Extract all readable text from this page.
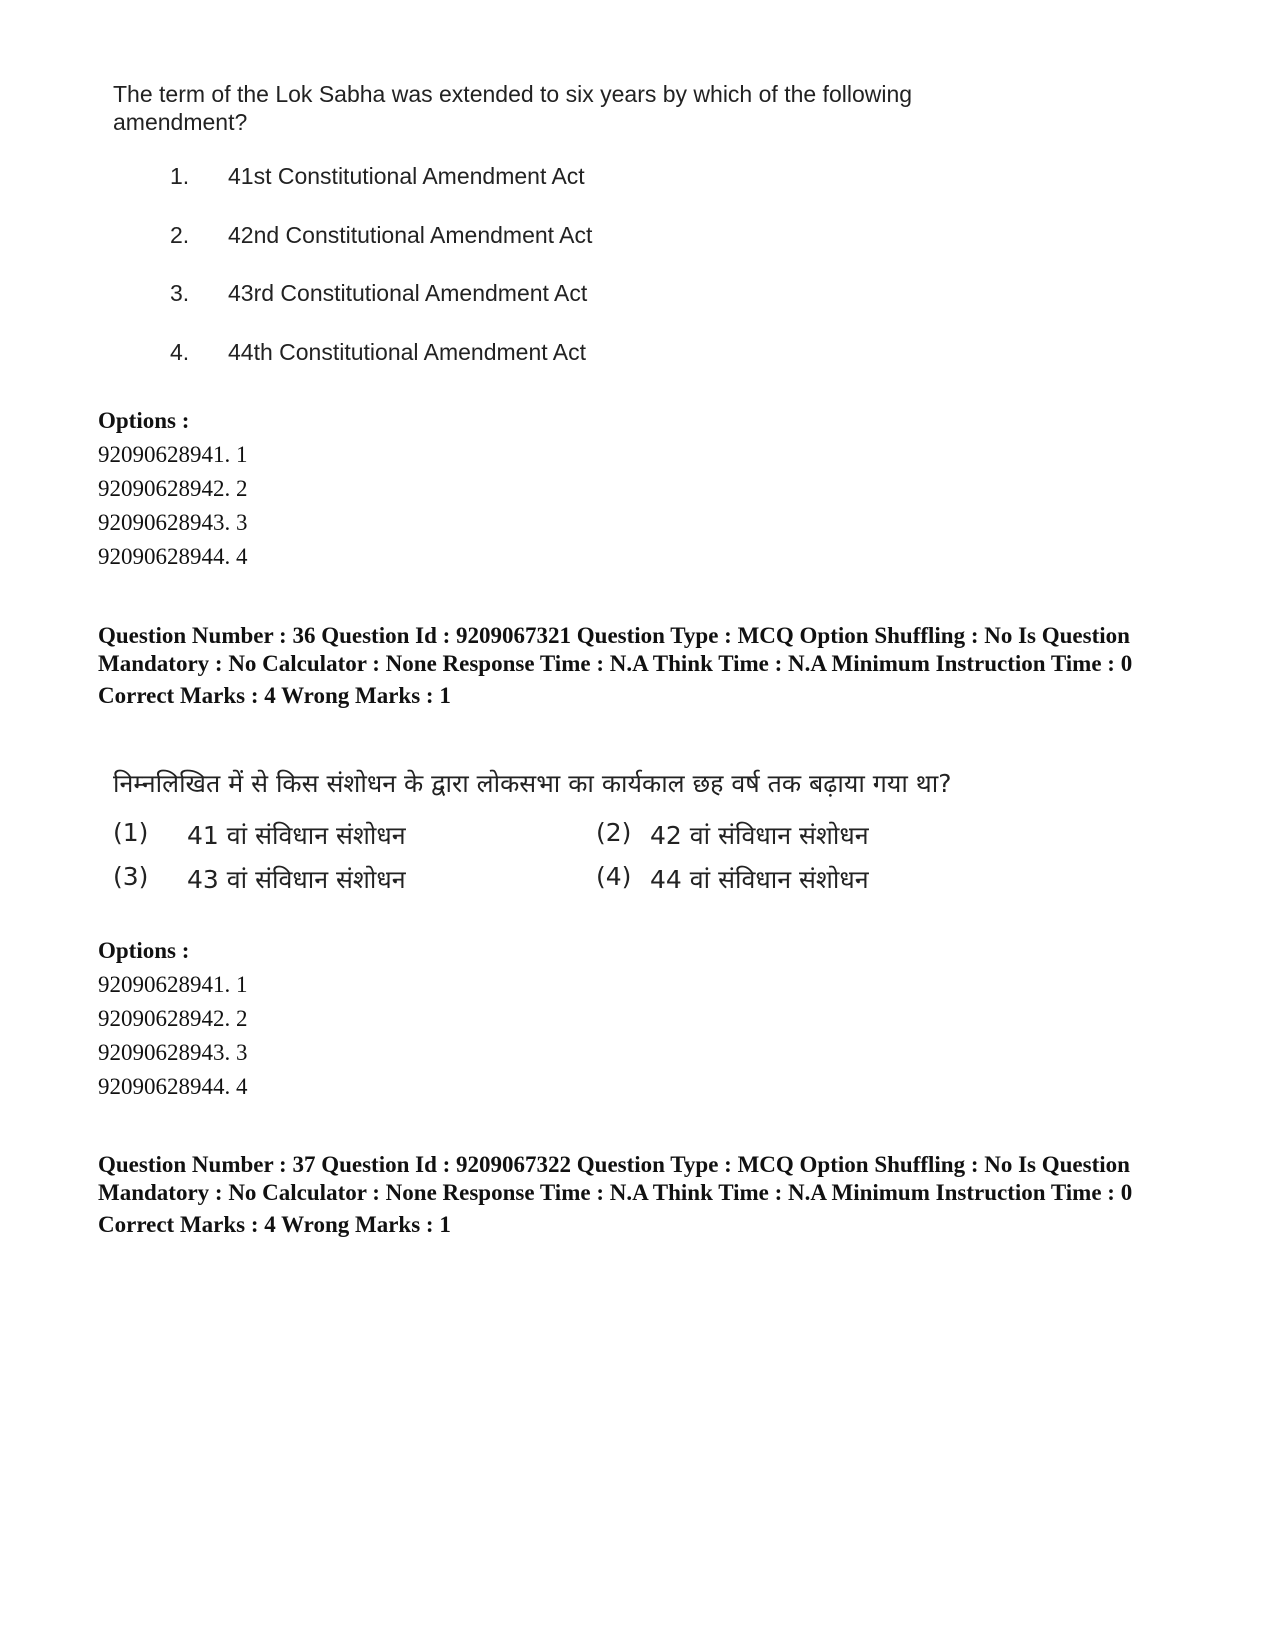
The term of the Lok Sabha was extended to six years by which of the following amendment?
1. 41st Constitutional Amendment Act
2. 42nd Constitutional Amendment Act
3. 43rd Constitutional Amendment Act
4. 44th Constitutional Amendment Act
Options :
92090628941. 1
92090628942. 2
92090628943. 3
92090628944. 4
Question Number : 36 Question Id : 9209067321 Question Type : MCQ Option Shuffling : No Is Question Mandatory : No Calculator : None Response Time : N.A Think Time : N.A Minimum Instruction Time : 0
Correct Marks : 4 Wrong Marks : 1
निम्नलिखित में से किस संशोधन के द्वारा लोकसभा का कार्यकाल छह वर्ष तक बढ़ाया गया था?
(1) 41 वां संविधान संशोधन	(2) 42 वां संविधान संशोधन
(3) 43 वां संविधान संशोधन	(4) 44 वां संविधान संशोधन
Options :
92090628941. 1
92090628942. 2
92090628943. 3
92090628944. 4
Question Number : 37 Question Id : 9209067322 Question Type : MCQ Option Shuffling : No Is Question Mandatory : No Calculator : None Response Time : N.A Think Time : N.A Minimum Instruction Time : 0
Correct Marks : 4 Wrong Marks : 1
